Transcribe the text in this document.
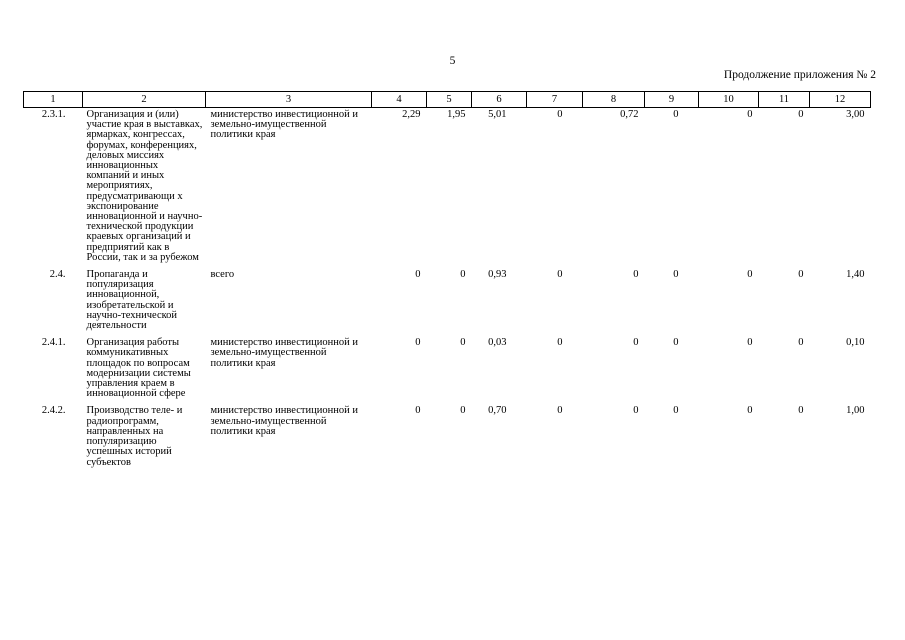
5
Продолжение приложения № 2
1	2	3	4	5	6	7	8	9	10	11	12
2.3.1.	Организация и (или) участие края в выставках, ярмарках, конгрессах, форумах, конференциях, деловых миссиях инновационных компаний и иных мероприятиях, предусматривающи х экспонирование инновационной и научно-технической продукции краевых организаций и предприятий как в России, так и за рубежом	министерство инвестиционной и земельно-имущественной политики края	2,29	1,95	5,01	0	0,72	0	0	0	3,00
2.4.	Пропаганда и популяризация инновационной, изобретательской и научно-технической деятельности	всего	0	0	0,93	0	0	0	0	0	1,40
2.4.1.	Организация работы коммуникативных площадок по вопросам модернизации системы управления краем в инновационной сфере	министерство инвестиционной и земельно-имущественной политики края	0	0	0,03	0	0	0	0	0	0,10
2.4.2.	Производство теле- и радиопрограмм, направленных на популяризацию успешных историй субъектов	министерство инвестиционной и земельно-имущественной политики края	0	0	0,70	0	0	0	0	0	1,00
